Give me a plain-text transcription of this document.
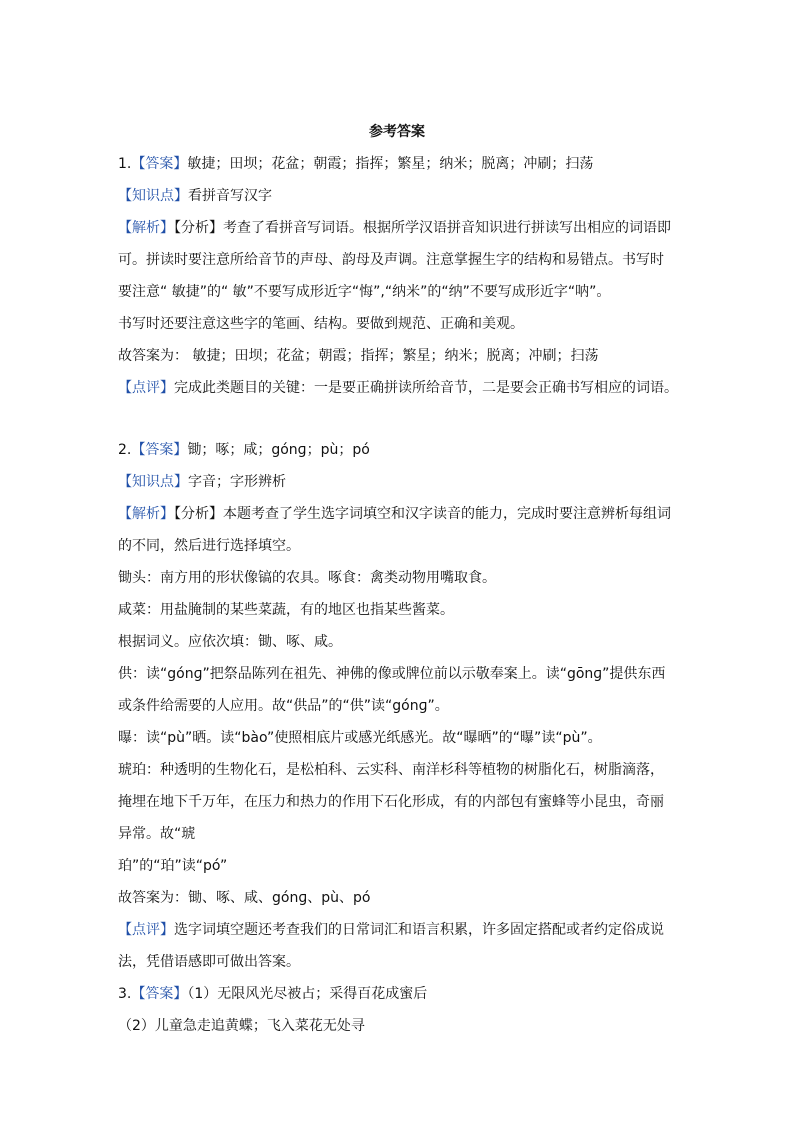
参考答案
1.【答案】敏捷；田坝；花盆；朝霞；指挥；繁星；纳米；脱离；冲刷；扫荡
【知识点】看拼音写汉字
【解析】【分析】考查了看拼音写词语。根据所学汉语拼音知识进行拼读写出相应的词语即
可。拼读时要注意所给音节的声母、韵母及声调。注意掌握生字的结构和易错点。书写时
要注意“ 敏捷”的“ 敏”不要写成形近字“悔”,“纳米”的“纳”不要写成形近字“呐”。
书写时还要注意这些字的笔画、结构。要做到规范、正确和美观。
故答案为： 敏捷；田坝；花盆；朝霞；指挥；繁星；纳米；脱离；冲刷；扫荡
【点评】完成此类题目的关键：一是要正确拼读所给音节，二是要会正确书写相应的词语。
2.【答案】锄；啄；咸；gónɡ；pù；pó
【知识点】字音；字形辨析
【解析】【分析】本题考查了学生选字词填空和汉字读音的能力，完成时要注意辨析每组词
的不同，然后进行选择填空。
锄头：南方用的形状像镐的农具。啄食：禽类动物用嘴取食。
咸菜：用盐腌制的某些菜蔬，有的地区也指某些酱菜。
根据词义。应依次填：锄、啄、咸。
供：读“gónɡ”把祭品陈列在祖先、神佛的像或牌位前以示敬奉案上。读“gōnɡ”提供东西
或条件给需要的人应用。故“供品”的“供”读“gónɡ”。
曝：读“pù”晒。读“bào”使照相底片或感光纸感光。故“曝晒”的“曝”读“pù”。
琥珀：种透明的生物化石，是松柏科、云实科、南洋杉科等植物的树脂化石，树脂滴落，
掩埋在地下千万年，在压力和热力的作用下石化形成，有的内部包有蜜蜂等小昆虫，奇丽
异常。故“琥
珀”的“珀”读“pó”
故答案为：锄、啄、咸、gónɡ、pù、pó
【点评】选字词填空题还考查我们的日常词汇和语言积累，许多固定搭配或者约定俗成说
法，凭借语感即可做出答案。
3.【答案】（1）无限风光尽被占；采得百花成蜜后
（2）儿童急走追黄蝶；飞入菜花无处寻
